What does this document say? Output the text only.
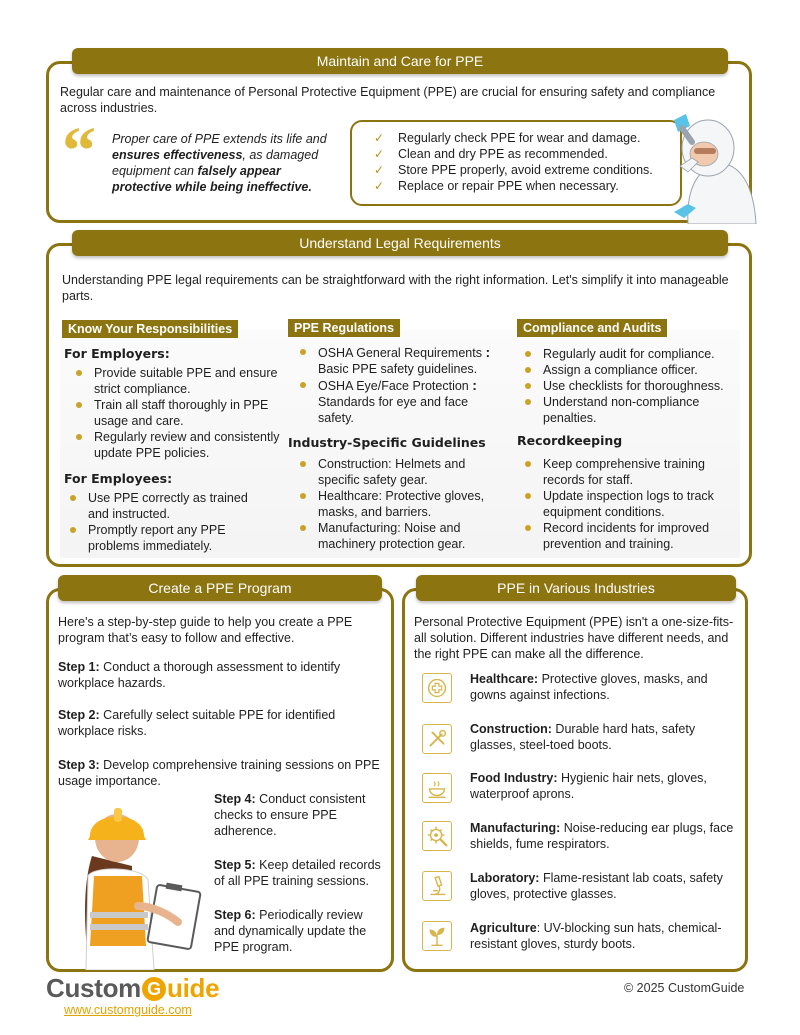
Maintain and Care for PPE
Regular care and maintenance of Personal Protective Equipment (PPE) are crucial for ensuring safety and compliance across industries.
“ Proper care of PPE extends its life and ensures effectiveness, as damaged equipment can falsely appear protective while being ineffective.
✓ Regularly check PPE for wear and damage.
✓ Clean and dry PPE as recommended.
✓ Store PPE properly, avoid extreme conditions.
✓ Replace or repair PPE when necessary.
Understand Legal Requirements
Understanding PPE legal requirements can be straightforward with the right information. Let's simplify it into manageable parts.
Know Your Responsibilities
For Employers:
Provide suitable PPE and ensure strict compliance.
Train all staff thoroughly in PPE usage and care.
Regularly review and consistently update PPE policies.
For Employees:
Use PPE correctly as trained and instructed.
Promptly report any PPE problems immediately.
PPE Regulations
OSHA General Requirements : Basic PPE safety guidelines.
OSHA Eye/Face Protection : Standards for eye and face safety.
Industry-Specific Guidelines
Construction: Helmets and specific safety gear.
Healthcare: Protective gloves, masks, and barriers.
Manufacturing: Noise and machinery protection gear.
Compliance and Audits
Regularly audit for compliance.
Assign a compliance officer.
Use checklists for thoroughness.
Understand non-compliance penalties.
Recordkeeping
Keep comprehensive training records for staff.
Update inspection logs to track equipment conditions.
Record incidents for improved prevention and training.
Create a PPE Program
Here's a step-by-step guide to help you create a PPE program that’s easy to follow and effective.
Step 1: Conduct a thorough assessment to identify workplace hazards.
Step 2: Carefully select suitable PPE for identified workplace risks.
Step 3: Develop comprehensive training sessions on PPE usage importance.
Step 4: Conduct consistent checks to ensure PPE adherence.
Step 5: Keep detailed records of all PPE training sessions.
Step 6: Periodically review and dynamically update the PPE program.
PPE in Various Industries
Personal Protective Equipment (PPE) isn't a one-size-fits-all solution. Different industries have different needs, and the right PPE can make all the difference.
Healthcare: Protective gloves, masks, and gowns against infections.
Construction: Durable hard hats, safety glasses, steel-toed boots.
Food Industry: Hygienic hair nets, gloves, waterproof aprons.
Manufacturing: Noise-reducing ear plugs, face shields, fume respirators.
Laboratory: Flame-resistant lab coats, safety gloves, protective glasses.
Agriculture: UV-blocking sun hats, chemical-resistant gloves, sturdy boots.
Custom G uide
www.customguide.com
© 2025 CustomGuide
